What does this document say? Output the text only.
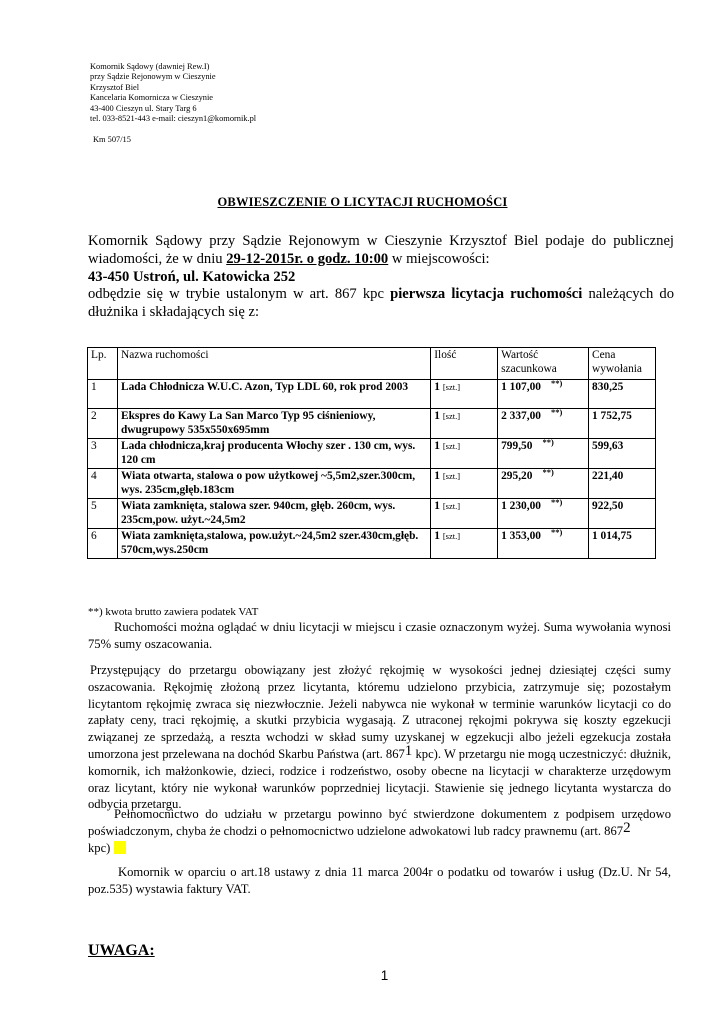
Komornik Sądowy (dawniej Rew.I)
przy Sądzie Rejonowym w Cieszynie
Krzysztof Biel
Kancelaria Komornicza w Cieszynie
43-400 Cieszyn ul. Stary Targ 6
tel. 033-8521-443 e-mail: cieszyn1@komornik.pl
Km 507/15
OBWIESZCZENIE O LICYTACJI RUCHOMOŚCI
Komornik Sądowy przy Sądzie Rejonowym w Cieszynie Krzysztof Biel podaje do publicznej wiadomości, że w dniu 29-12-2015r. o godz. 10:00 w miejscowości:
43-450 Ustroń, ul. Katowicka 252
odbędzie się w trybie ustalonym w art. 867 kpc pierwsza licytacja ruchomości należących do dłużnika i składających się z:
Lp.	Nazwa ruchomości	Ilość	Wartość szacunkowa	Cena wywołania
1	Lada Chłodnicza W.U.C. Azon, Typ LDL 60, rok prod 2003	1 [szt.]	1 107,00 **)	830,25
2	Ekspres do Kawy La San Marco Typ 95 ciśnieniowy, dwugrupowy 535x550x695mm	1 [szt.]	2 337,00 **)	1 752,75
3	Lada chłodnicza,kraj producenta Włochy szer . 130 cm, wys. 120 cm	1 [szt.]	799,50 **)	599,63
4	Wiata otwarta, stalowa o pow użytkowej ~5,5m2,szer.300cm, wys. 235cm,głęb.183cm	1 [szt.]	295,20 **)	221,40
5	Wiata zamknięta, stalowa szer. 940cm, głęb. 260cm, wys. 235cm,pow. użyt.~24,5m2	1 [szt.]	1 230,00 **)	922,50
6	Wiata zamknięta,stalowa, pow.użyt.~24,5m2 szer.430cm,głęb. 570cm,wys.250cm	1 [szt.]	1 353,00 **)	1 014,75
**) kwota brutto zawiera podatek VAT
Ruchomości można oglądać w dniu licytacji w miejscu i czasie oznaczonym wyżej. Suma wywołania wynosi 75% sumy oszacowania.
Przystępujący do przetargu obowiązany jest złożyć rękojmię w wysokości jednej dziesiątej części sumy oszacowania. Rękojmię złożoną przez licytanta, któremu udzielono przybicia, zatrzymuje się; pozostałym licytantom rękojmię zwraca się niezwłocznie. Jeżeli nabywca nie wykonał w terminie warunków licytacji co do zapłaty ceny, traci rękojmię, a skutki przybicia wygasają. Z utraconej rękojmi pokrywa się koszty egzekucji związanej ze sprzedażą, a reszta wchodzi w skład sumy uzyskanej w egzekucji albo jeżeli egzekucja została umorzona jest przelewana na dochód Skarbu Państwa (art. 8671 kpc). W przetargu nie mogą uczestniczyć: dłużnik, komornik, ich małżonkowie, dzieci, rodzice i rodzeństwo, osoby obecne na licytacji w charakterze urzędowym oraz licytant, który nie wykonał warunków poprzedniej licytacji. Stawienie się jednego licytanta wystarcza do odbycia przetargu.
Pełnomocnictwo do udziału w przetargu powinno być stwierdzone dokumentem z podpisem urzędowo poświadczonym, chyba że chodzi o pełnomocnictwo udzielone adwokatowi lub radcy prawnemu (art. 8672
kpc)
Komornik w oparciu o art.18 ustawy z dnia 11 marca 2004r o podatku od towarów i usług (Dz.U. Nr 54, poz.535) wystawia faktury VAT.
UWAGA:
1
